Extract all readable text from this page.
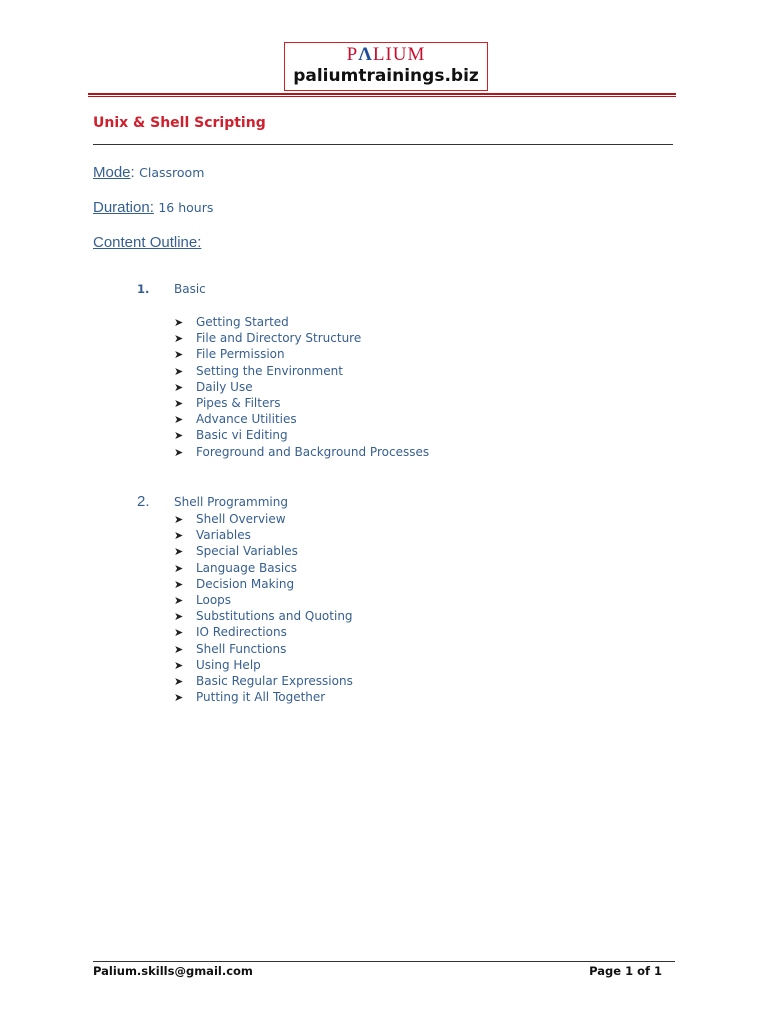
PΛLIUM
paliumtrainings.biz
Unix & Shell Scripting
Mode: Classroom
Duration: 16 hours
Content Outline:
1. Basic
➤ Getting Started
➤ File and Directory Structure
➤ File Permission
➤ Setting the Environment
➤ Daily Use
➤ Pipes & Filters
➤ Advance Utilities
➤ Basic vi Editing
➤ Foreground and Background Processes
2. Shell Programming
➤ Shell Overview
➤ Variables
➤ Special Variables
➤ Language Basics
➤ Decision Making
➤ Loops
➤ Substitutions and Quoting
➤ IO Redirections
➤ Shell Functions
➤ Using Help
➤ Basic Regular Expressions
➤ Putting it All Together
Palium.skills@gmail.com	Page 1 of 1
